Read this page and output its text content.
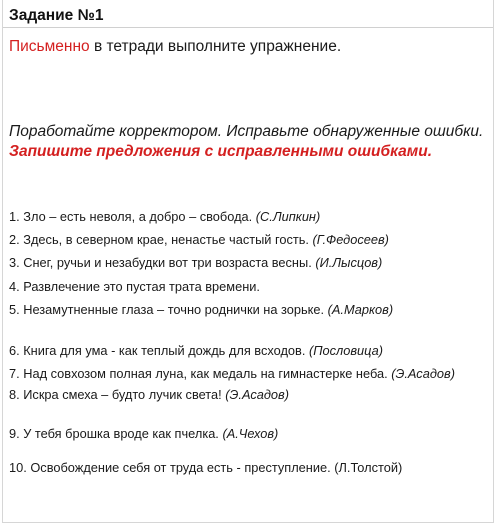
Задание №1
Письменно в тетради выполните упражнение.
Поработайте корректором. Исправьте обнаруженные ошибки.
Запишите предложения с исправленными ошибками.
1. Зло – есть неволя, а добро – свобода. (С.Липкин)
2. Здесь, в северном крае, ненастье частый гость. (Г.Федосеев)
3. Снег, ручьи и незабудки вот три возраста весны. (И.Лысцов)
4. Развлечение это пустая трата времени.
5. Незамутненные глаза – точно роднички на зорьке. (А.Марков)
6. Книга для ума - как теплый дождь для всходов. (Пословица)
7. Над совхозом полная луна, как медаль на гимнастерке неба. (Э.Асадов)
8. Искра смеха – будто лучик света! (Э.Асадов)
9. У тебя брошка вроде как пчелка. (А.Чехов)
10. Освобождение себя от труда есть - преступление. (Л.Толстой)
